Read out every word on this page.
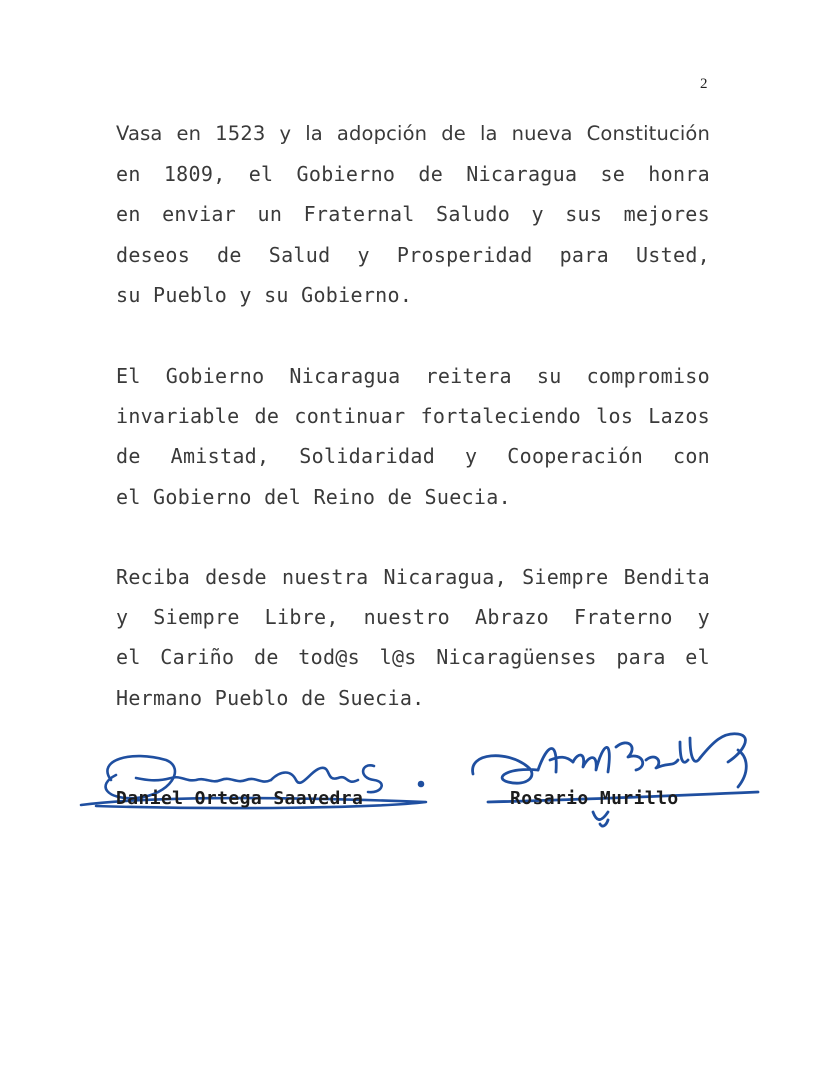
2
Vasa en 1523 y la adopción de la nueva Constitución
en 1809, el Gobierno de Nicaragua se honra
en enviar un Fraternal Saludo y sus mejores
deseos de Salud y Prosperidad para Usted,
su Pueblo y su Gobierno.
El Gobierno Nicaragua reitera su compromiso
invariable de continuar fortaleciendo los Lazos
de Amistad, Solidaridad y Cooperación con
el Gobierno del Reino de Suecia.
Reciba desde nuestra Nicaragua, Siempre Bendita
y Siempre Libre, nuestro Abrazo Fraterno y
el Cariño de tod@s l@s Nicaragüenses para el
Hermano Pueblo de Suecia.
Daniel Ortega Saavedra	Rosario Murillo
